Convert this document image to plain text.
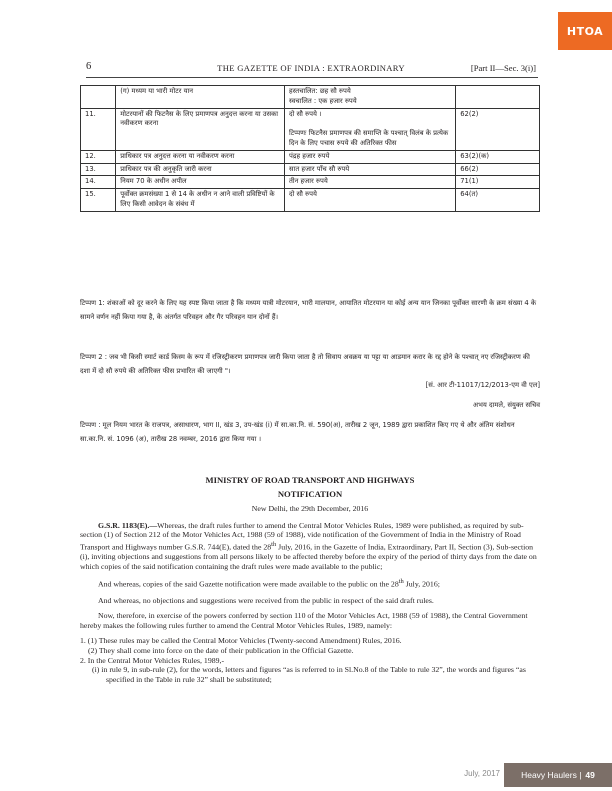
HTOA
6	THE GAZETTE OF INDIA : EXTRAORDINARY	[Part II—Sec. 3(i)]
	(ग) मध्यम या भारी मोटर यान	हस्तचालित: छह सौ रुपये
स्वचालित : एक हजार रुपये	
11.	मोटरयानों की फिटनैस के लिए प्रमाणपत्र अनुदत्त करना या उसका नवीकरण करना	दो सौ रुपये ।

टिप्पणः फिटनैस प्रमाणपत्र की समाप्ति के पश्चात् विलंब के प्रत्येक दिन के लिए पचास रुपये की अतिरिक्त फीस	62(2)
12.	प्राधिकार पत्र अनुदत्त करना या नवीकरण करना	पंद्रह हजार रुपये	63(2)(क)
13.	प्राधिकार पत्र की अनुकृति जारी करना	सात हजार पाँच सौ रुपये	66(2)
14.	नियम 70 के अधीन अपील	तीन हजार रुपये	71(1)
15.	पूर्वोक्त क्रमसंख्या 1 से 14 के अधीन न आने वाली प्रविष्टियों के लिए किसी आवेदन के संबंध में	दो सौ रुपये	64(त)
टिप्पण 1: शंकाओं को दूर करने के लिए यह स्पष्ट किया जाता है कि मध्यम यात्री मोटरयान, भारी मालयान, आयातित मोटरयान या कोई अन्य यान जिनका पूर्वोक्त सारणी के क्रम संख्या 4 के सामने वर्णन नहीं किया गया है, के अंतर्गत परिवहन और गैर परिवहन यान दोनों हैं।

टिप्पण 2 : जब भी किसी स्मार्ट कार्ड किस्म के रूप में रजिस्ट्रीकरण प्रमाणपत्र जारी किया जाता है तो सिवाय अवक्रय या पट्टा या आडमान करार के रद्द होने के पश्चात् नए रजिस्ट्रीकरण की दशा में दो सौ रुपये की अतिरिक्त फीस प्रभारित की जाएगी "।

[सं. आर टी-11017/12/2013-एम वी एल]

अभय दामले, संयुक्त सचिव

टिप्पण : मूल नियम भारत के राजपत्र, असाधारण, भाग II, खंड 3, उप-खंड (i) में सा.का.नि. सं. 590(अ), तारीख 2 जून, 1989 द्वारा प्रकाशित किए गए थे और अंतिम संशोधन सा.का.नि. सं. 1096 (अ), तारीख 28 नवम्बर, 2016 द्वारा किया गया ।

MINISTRY OF ROAD TRANSPORT AND HIGHWAYS

NOTIFICATION

New Delhi, the 29th December, 2016

G.S.R. 1183(E).—Whereas, the draft rules further to amend the Central Motor Vehicles Rules, 1989 were published, as required by sub-section (1) of Section 212 of the Motor Vehicles Act, 1988 (59 of 1988), vide notification of the Government of India in the Ministry of Road Transport and Highways number G.S.R. 744(E), dated the 28th July, 2016, in the Gazette of India, Extraordinary, Part II, Section (3), Sub-section (i), inviting objections and suggestions from all persons likely to be affected thereby before the expiry of the period of thirty days from the date on which copies of the said notification containing the draft rules were made available to the public;

And whereas, copies of the said Gazette notification were made available to the public on the 28th July, 2016;

And whereas, no objections and suggestions were received from the public in respect of the said draft rules.

Now, therefore, in exercise of the powers conferred by section 110 of the Motor Vehicles Act, 1988 (59 of 1988), the Central Government hereby makes the following rules further to amend the Central Motor Vehicles Rules, 1989, namely:

1. (1) These rules may be called the Central Motor Vehicles (Twenty-second Amendment) Rules, 2016.

(2) They shall come into force on the date of their publication in the Official Gazette.

2. In the Central Motor Vehicles Rules, 1989,-

(i) in rule 9, in sub-rule (2), for the words, letters and figures “as is referred to in Sl.No.8 of the Table to rule 32”, the words and figures “as specified in the Table in rule 32” shall be substituted;

July, 2017 Heavy Haulers | 49
